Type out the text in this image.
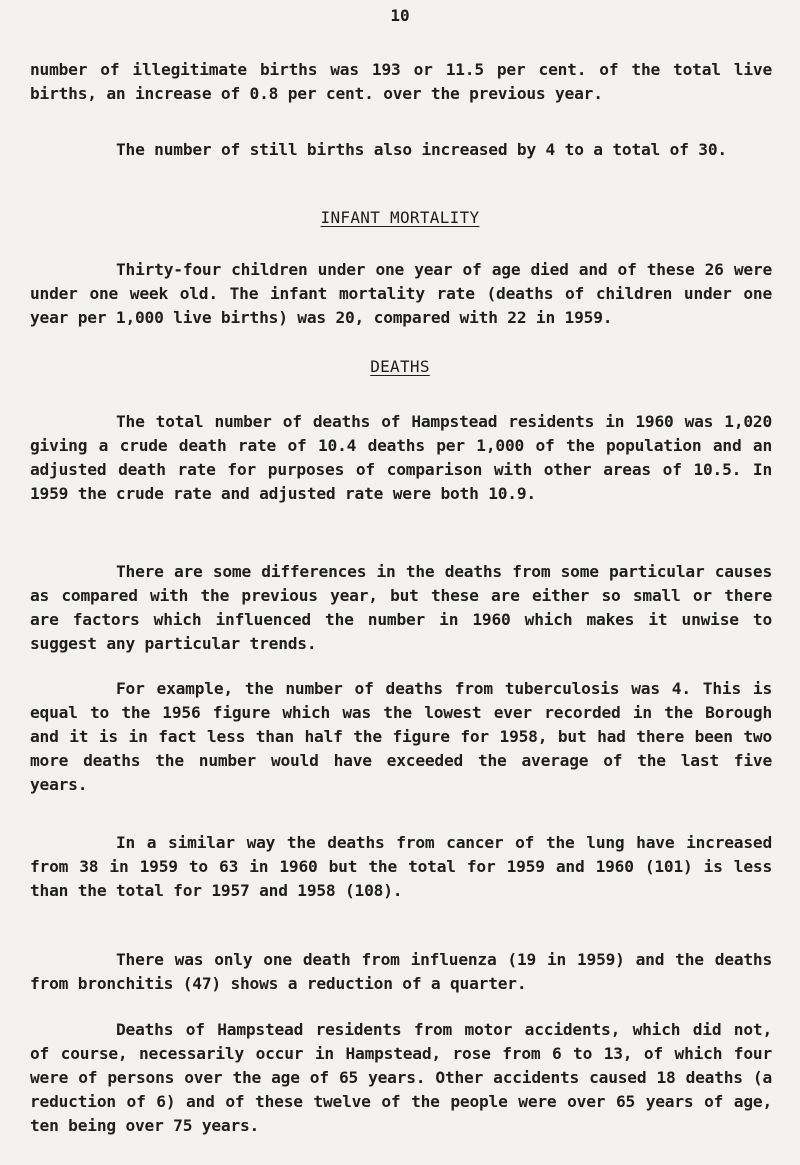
10

number of illegitimate births was 193 or 11.5 per cent. of the total live births, an increase of 0.8 per cent. over the previous year.

The number of still births also increased by 4 to a total of 30.

INFANT MORTALITY

Thirty-four children under one year of age died and of these 26 were under one week old. The infant mortality rate (deaths of children under one year per 1,000 live births) was 20, compared with 22 in 1959.

DEATHS

The total number of deaths of Hampstead residents in 1960 was 1,020 giving a crude death rate of 10.4 deaths per 1,000 of the population and an adjusted death rate for purposes of comparison with other areas of 10.5. In 1959 the crude rate and adjusted rate were both 10.9.

There are some differences in the deaths from some particular causes as compared with the previous year, but these are either so small or there are factors which influenced the number in 1960 which makes it unwise to suggest any particular trends.

For example, the number of deaths from tuberculosis was 4. This is equal to the 1956 figure which was the lowest ever recorded in the Borough and it is in fact less than half the figure for 1958, but had there been two more deaths the number would have exceeded the average of the last five years.

In a similar way the deaths from cancer of the lung have increased from 38 in 1959 to 63 in 1960 but the total for 1959 and 1960 (101) is less than the total for 1957 and 1958 (108).

There was only one death from influenza (19 in 1959) and the deaths from bronchitis (47) shows a reduction of a quarter.

Deaths of Hampstead residents from motor accidents, which did not, of course, necessarily occur in Hampstead, rose from 6 to 13, of which four were of persons over the age of 65 years. Other accidents caused 18 deaths (a reduction of 6) and of these twelve of the people were over 65 years of age, ten being over 75 years.
